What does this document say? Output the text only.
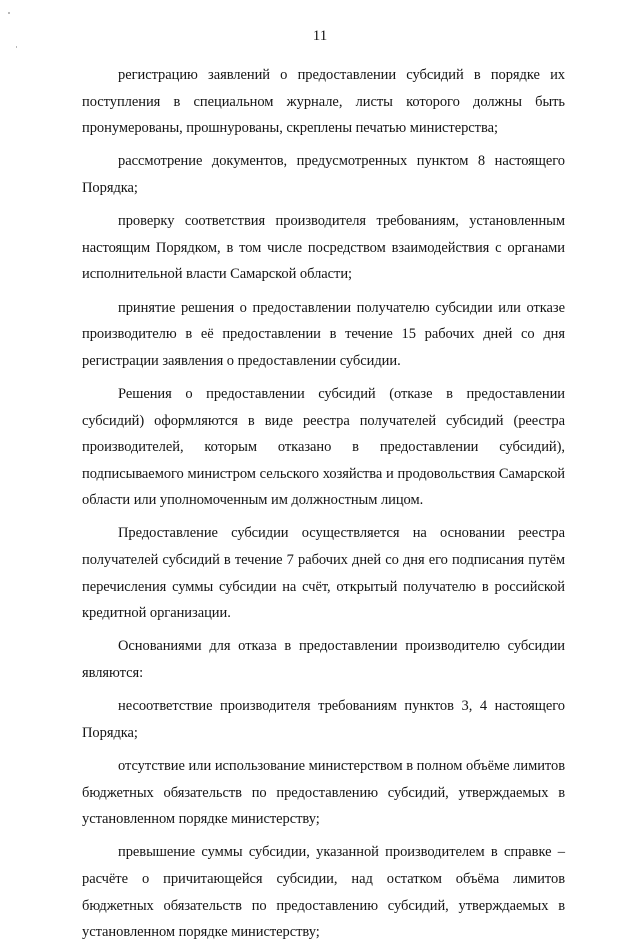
11

регистрацию заявлений о предоставлении субсидий в порядке их поступления в специальном журнале, листы которого должны быть пронумерованы, прошнурованы, скреплены печатью министерства;

рассмотрение документов, предусмотренных пунктом 8 настоящего Порядка;

проверку соответствия производителя требованиям, установленным настоящим Порядком, в том числе посредством взаимодействия с органами исполнительной власти Самарской области;

принятие решения о предоставлении получателю субсидии или отказе производителю в её предоставлении в течение 15 рабочих дней со дня регистрации заявления о предоставлении субсидии.

Решения о предоставлении субсидий (отказе в предоставлении субсидий) оформляются в виде реестра получателей субсидий (реестра производителей, которым отказано в предоставлении субсидий), подписываемого министром сельского хозяйства и продовольствия Самарской области или уполномоченным им должностным лицом.

Предоставление субсидии осуществляется на основании реестра получателей субсидий в течение 7 рабочих дней со дня его подписания путём перечисления суммы субсидии на счёт, открытый получателю в российской кредитной организации.

Основаниями для отказа в предоставлении производителю субсидии являются:

несоответствие производителя требованиям пунктов 3, 4 настоящего Порядка;

отсутствие или использование министерством в полном объёме лимитов бюджетных обязательств по предоставлению субсидий, утверждаемых в установленном порядке министерству;

превышение суммы субсидии, указанной производителем в справке – расчёте о причитающейся субсидии, над остатком объёма лимитов бюджетных обязательств по предоставлению субсидий, утверждаемых в установленном порядке министерству;
